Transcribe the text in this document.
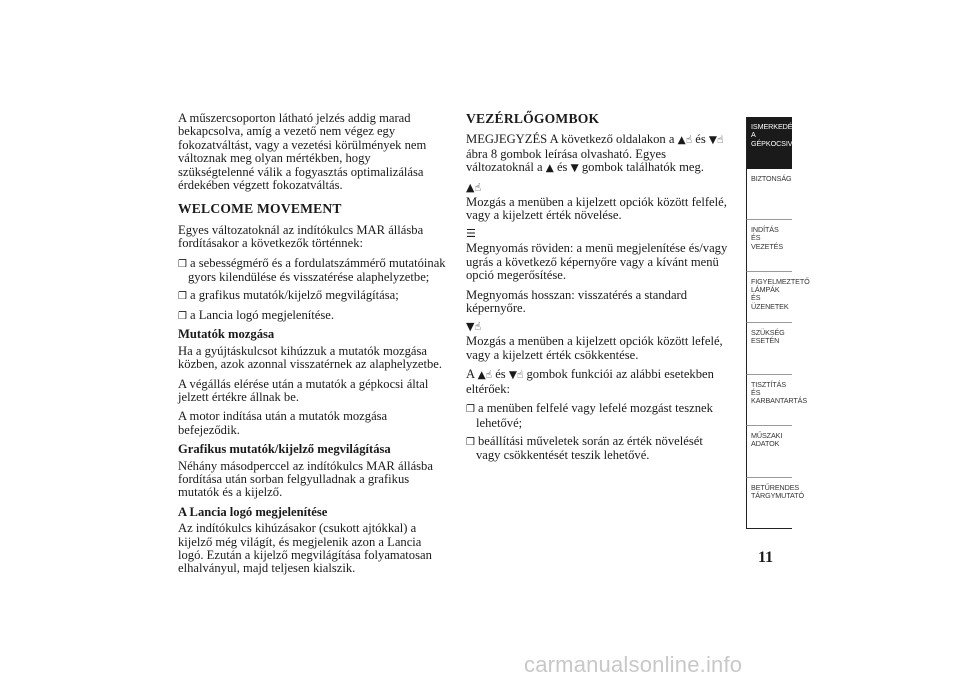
A műszercsoporton látható jelzés addig marad bekapcsolva, amíg a vezető nem végez egy fokozatváltást, vagy a vezetési körülmények nem változnak meg olyan mértékben, hogy szükségtelenné válik a fogyasztás optimalizálása érdekében végzett fokozatváltás.

WELCOME MOVEMENT

Egyes változatoknál az indítókulcs MAR állásba fordításakor a következők történnek:

❒ a sebességmérő és a fordulatszámmérő mutatóinak gyors kilendülése és visszatérése alaphelyzetbe;
❒ a grafikus mutatók/kijelző megvilágítása;
❒ a Lancia logó megjelenítése.
Mutatók mozgása

Ha a gyújtáskulcsot kihúzzuk a mutatók mozgása közben, azok azonnal visszatérnek az alaphelyzetbe.

A végállás elérése után a mutatók a gépkocsi által jelzett értékre állnak be.

A motor indítása után a mutatók mozgása befejeződik.

Grafikus mutatók/kijelző megvilágítása

Néhány másodperccel az indítókulcs MAR állásba fordítása után sorban felgyulladnak a grafikus mutatók és a kijelző.

A Lancia logó megjelenítése

Az indítókulcs kihúzásakor (csukott ajtókkal) a kijelző még világít, és megjelenik azon a Lancia logó. Ezután a kijelző megvilágítása folyamatosan elhalványul, majd teljesen kialszik.

VEZÉRLŐGOMBOK

MEGJEGYZÉS A következő oldalakon a ▲☝ és ▼☝ ábra 8 gombok leírása olvasható. Egyes változatoknál a ▲ és ▼ gombok találhatók meg.

▲☝

Mozgás a menüben a kijelzett opciók között felfelé, vagy a kijelzett érték növelése.

☰

Megnyomás röviden: a menü megjelenítése és/vagy ugrás a következő képernyőre vagy a kívánt menü opció megerősítése.

Megnyomás hosszan: visszatérés a standard képernyőre.

▼☝

Mozgás a menüben a kijelzett opciók között lefelé, vagy a kijelzett érték csökkentése.

A ▲☝ és ▼☝ gombok funkciói az alábbi esetekben eltérőek:

❒ a menüben felfelé vagy lefelé mozgást tesznek lehetővé;
❒ beállítási műveletek során az érték növelését vagy csökkentését teszik lehetővé.
ISMERKEDÉS A GÉPKOCSIVAL
BIZTONSÁG
INDÍTÁS ÉS VEZETÉS
FIGYELMEZTETŐ LÁMPÁK ÉS ÜZENETEK
SZÜKSÉG ESETÉN
TISZTÍTÁS ÉS KARBANTARTÁS
MŰSZAKI ADATOK
BETŰRENDES TÁRGYMUTATÓ
11
carmanualsonline.info
